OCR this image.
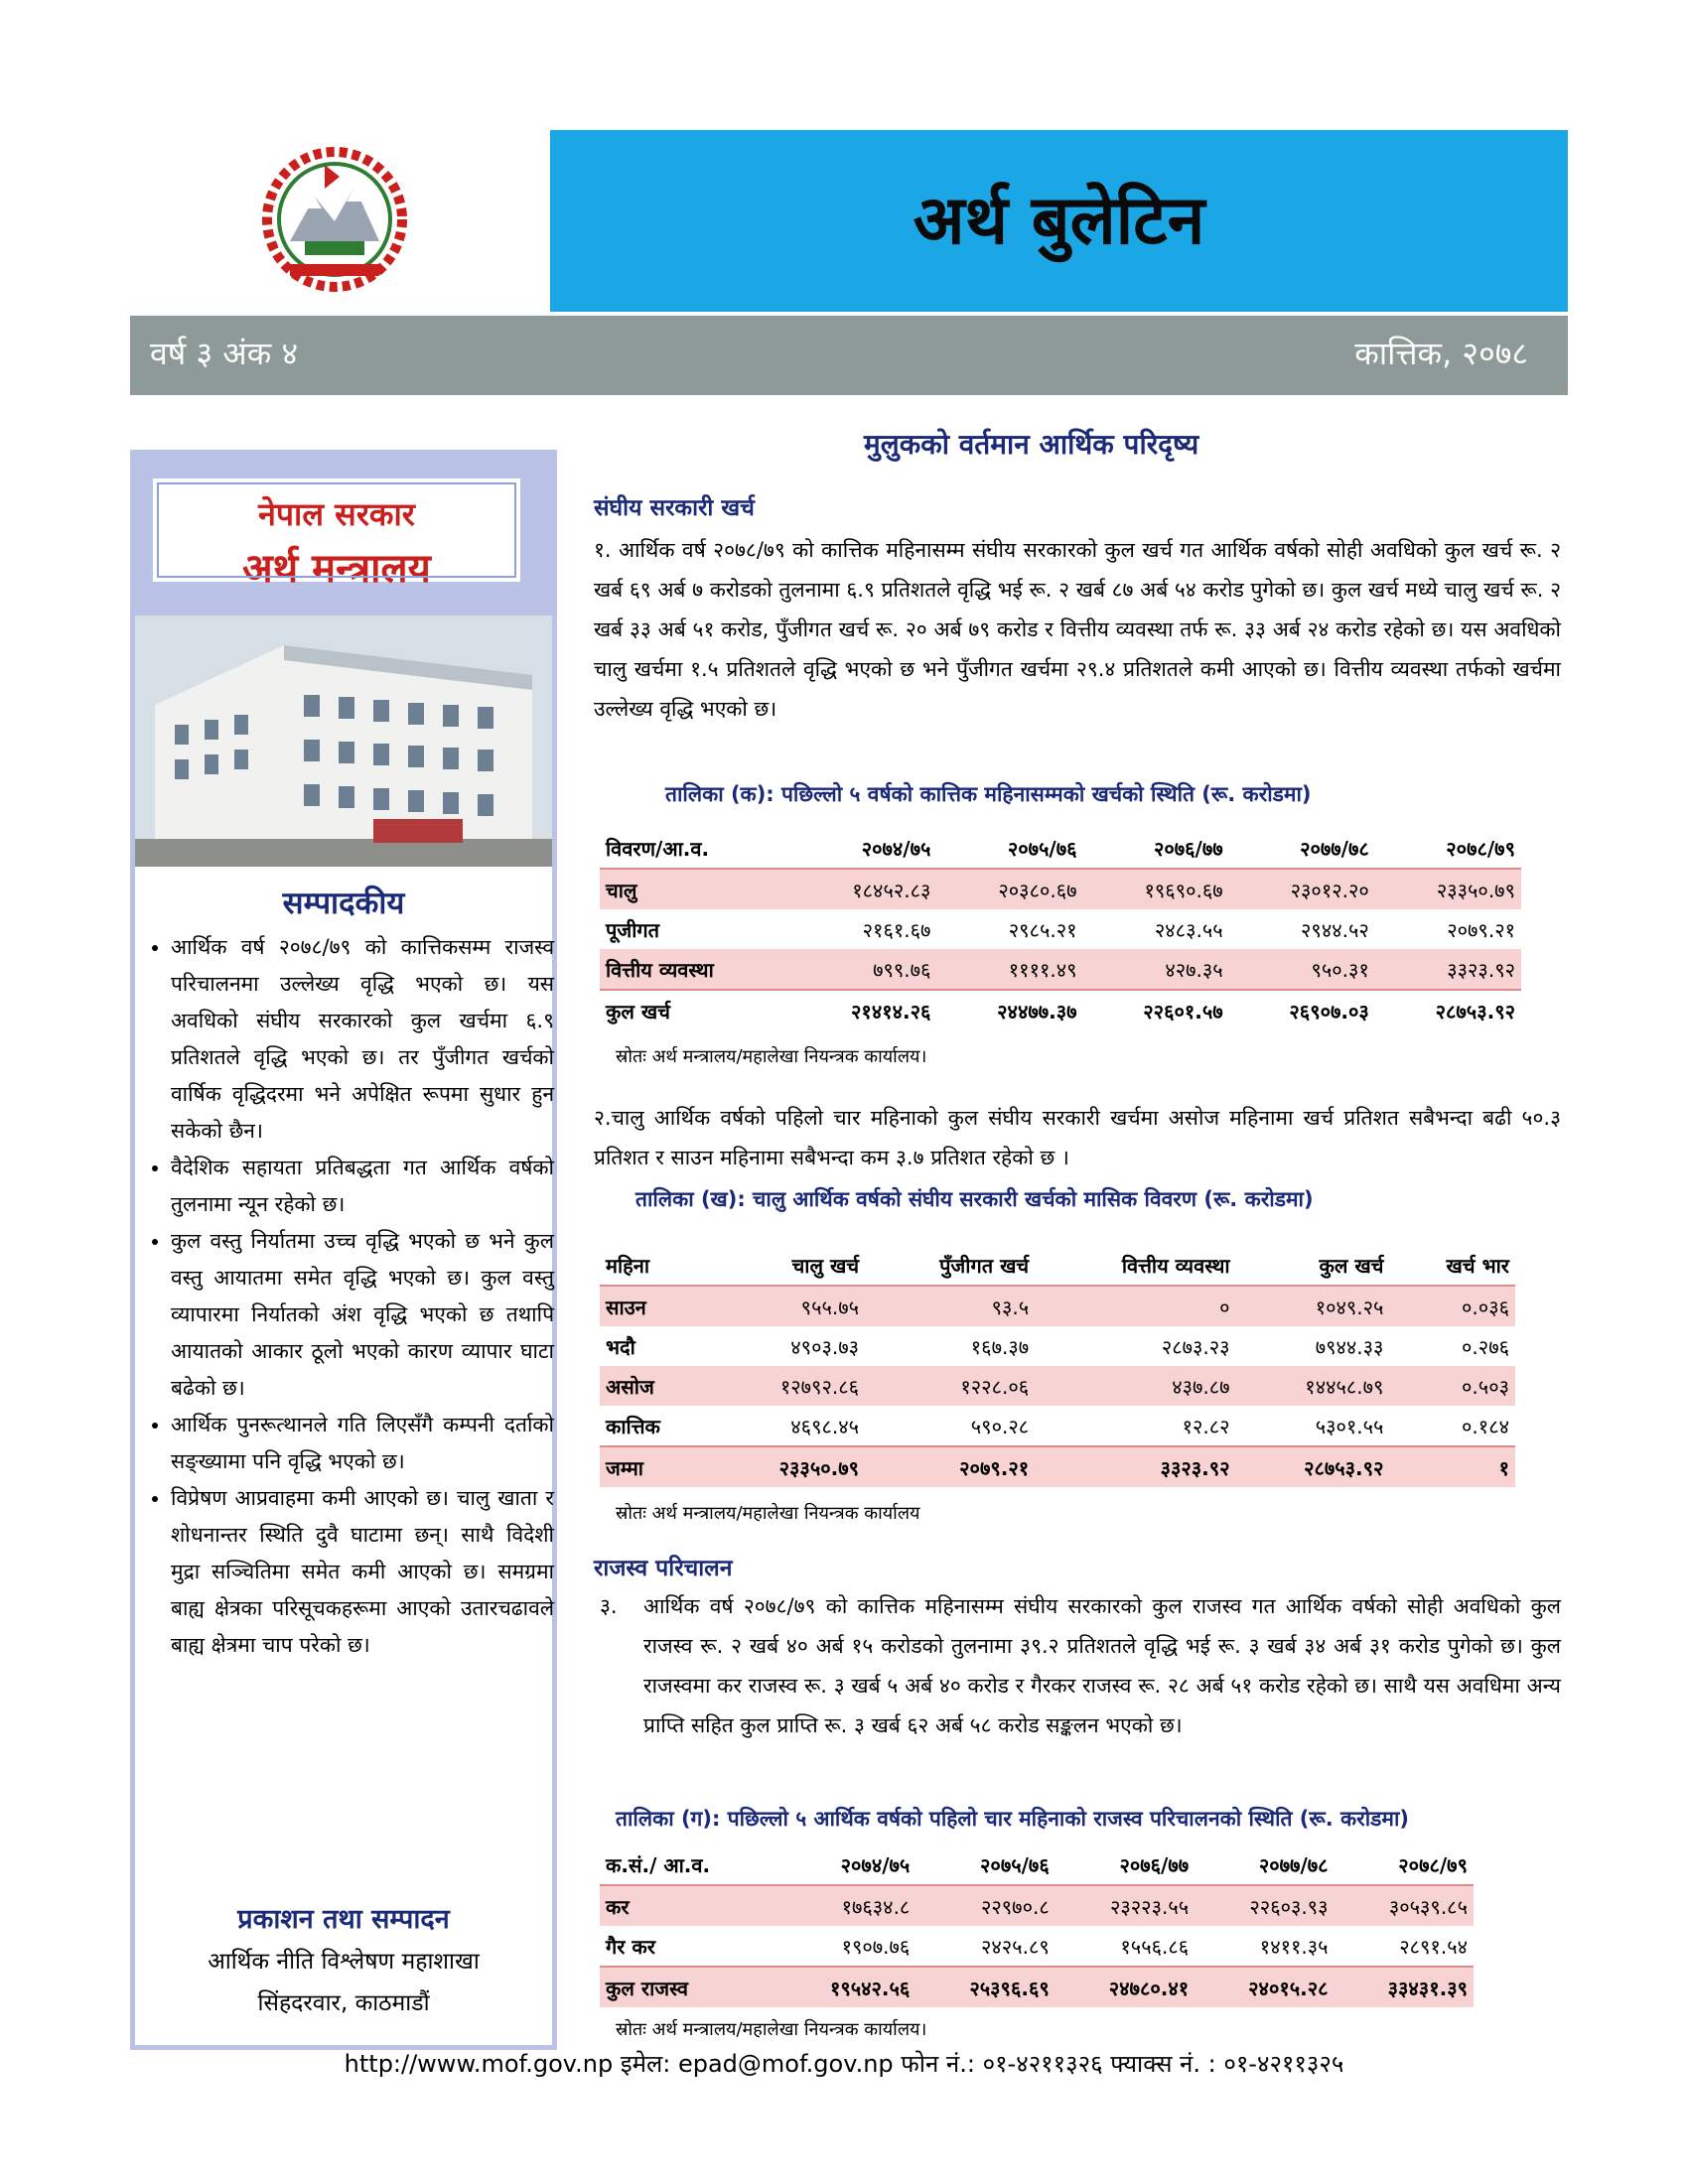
अर्थ बुलेटिन
वर्ष ३ अंक ४	कात्तिक, २०७८
नेपाल सरकार
अर्थ मन्त्रालय
सम्पादकीय
• आर्थिक वर्ष २०७८/७९ को कात्तिकसम्म राजस्व परिचालनमा उल्लेख्य वृद्धि भएको छ। यस अवधिको संघीय सरकारको कुल खर्चमा ६.९ प्रतिशतले वृद्धि भएको छ। तर पुँजीगत खर्चको वार्षिक वृद्धिदरमा भने अपेक्षित रूपमा सुधार हुन सकेको छैन।
• वैदेशिक सहायता प्रतिबद्धता गत आर्थिक वर्षको तुलनामा न्यून रहेको छ।
• कुल वस्तु निर्यातमा उच्च वृद्धि भएको छ भने कुल वस्तु आयातमा समेत वृद्धि भएको छ। कुल वस्तु व्यापारमा निर्यातको अंश वृद्धि भएको छ तथापि आयातको आकार ठूलो भएको कारण व्यापार घाटा बढेको छ।
• आर्थिक पुनरूत्थानले गति लिएसँगै कम्पनी दर्ताको सङ्ख्यामा पनि वृद्धि भएको छ।
• विप्रेषण आप्रवाहमा कमी आएको छ। चालु खाता र शोधनान्तर स्थिति दुवै घाटामा छन्। साथै विदेशी मुद्रा सञ्चितिमा समेत कमी आएको छ। समग्रमा बाह्य क्षेत्रका परिसूचकहरूमा आएको उतारचढावले बाह्य क्षेत्रमा चाप परेको छ।
प्रकाशन तथा सम्पादन
आर्थिक नीति विश्लेषण महाशाखा
सिंहदरवार, काठमाडौं
मुलुकको वर्तमान आर्थिक परिदृष्य
संघीय सरकारी खर्च
१. आर्थिक वर्ष २०७८/७९ को कात्तिक महिनासम्म संघीय सरकारको कुल खर्च गत आर्थिक वर्षको सोही अवधिको कुल खर्च रू. २ खर्ब ६९ अर्ब ७ करोडको तुलनामा ६.९ प्रतिशतले वृद्धि भई रू. २ खर्ब ८७ अर्ब ५४ करोड पुगेको छ। कुल खर्च मध्ये चालु खर्च रू. २ खर्ब ३३ अर्ब ५१ करोड, पुँजीगत खर्च रू. २० अर्ब ७९ करोड र वित्तीय व्यवस्था तर्फ रू. ३३ अर्ब २४ करोड रहेको छ। यस अवधिको चालु खर्चमा १.५ प्रतिशतले वृद्धि भएको छ भने पुँजीगत खर्चमा २९.४ प्रतिशतले कमी आएको छ। वित्तीय व्यवस्था तर्फको खर्चमा उल्लेख्य वृद्धि भएको छ।
तालिका (क): पछिल्लो ५ वर्षको कात्तिक महिनासम्मको खर्चको स्थिति (रू. करोडमा)
विवरण/आ.व.	२०७४/७५	२०७५/७६	२०७६/७७	२०७७/७८	२०७८/७९
चालु	१८४५२.८३	२०३८०.६७	१९६९०.६७	२३०१२.२०	२३३५०.७९
पूजीगत	२१६१.६७	२९८५.२१	२४८३.५५	२९४४.५२	२०७९.२१
वित्तीय व्यवस्था	७९९.७६	११११.४९	४२७.३५	९५०.३१	३३२३.९२
कुल खर्च	२१४१४.२६	२४४७७.३७	२२६०१.५७	२६९०७.०३	२८७५३.९२
स्रोतः अर्थ मन्त्रालय/महालेखा नियन्त्रक कार्यालय।
२.चालु आर्थिक वर्षको पहिलो चार महिनाको कुल संघीय सरकारी खर्चमा असोज महिनामा खर्च प्रतिशत सबैभन्दा बढी ५०.३ प्रतिशत र साउन महिनामा सबैभन्दा कम ३.७ प्रतिशत रहेको छ ।
तालिका (ख): चालु आर्थिक वर्षको संघीय सरकारी खर्चको मासिक विवरण (रू. करोडमा)
महिना	चालु खर्च	पुँजीगत खर्च	वित्तीय व्यवस्था	कुल खर्च	खर्च भार
साउन	९५५.७५	९३.५	०	१०४९.२५	०.०३६
भदौ	४९०३.७३	१६७.३७	२८७३.२३	७९४४.३३	०.२७६
असोज	१२७९२.८६	१२२८.०६	४३७.८७	१४४५८.७९	०.५०३
कात्तिक	४६९८.४५	५९०.२८	१२.८२	५३०१.५५	०.१८४
जम्मा	२३३५०.७९	२०७९.२१	३३२३.९२	२८७५३.९२	१
स्रोतः अर्थ मन्त्रालय/महालेखा नियन्त्रक कार्यालय
राजस्व परिचालन
३. आर्थिक वर्ष २०७८/७९ को कात्तिक महिनासम्म संघीय सरकारको कुल राजस्व गत आर्थिक वर्षको सोही अवधिको कुल राजस्व रू. २ खर्ब ४० अर्ब १५ करोडको तुलनामा ३९.२ प्रतिशतले वृद्धि भई रू. ३ खर्ब ३४ अर्ब ३१ करोड पुगेको छ। कुल राजस्वमा कर राजस्व रू. ३ खर्ब ५ अर्ब ४० करोड र गैरकर राजस्व रू. २८ अर्ब ५१ करोड रहेको छ। साथै यस अवधिमा अन्य प्राप्ति सहित कुल प्राप्ति रू. ३ खर्ब ६२ अर्ब ५८ करोड सङ्कलन भएको छ।
तालिका (ग): पछिल्लो ५ आर्थिक वर्षको पहिलो चार महिनाको राजस्व परिचालनको स्थिति (रू. करोडमा)
क.सं./ आ.व.	२०७४/७५	२०७५/७६	२०७६/७७	२०७७/७८	२०७८/७९
कर	१७६३४.८	२२९७०.८	२३२२३.५५	२२६०३.९३	३०५३९.८५
गैर कर	१९०७.७६	२४२५.८९	१५५६.८६	१४११.३५	२८९१.५४
कुल राजस्व	१९५४२.५६	२५३९६.६९	२४७८०.४१	२४०१५.२८	३३४३१.३९
स्रोतः अर्थ मन्त्रालय/महालेखा नियन्त्रक कार्यालय।
http://www.mof.gov.np इमेल: epad@mof.gov.np फोन नं.: ०१-४२११३२६ फ्याक्स नं. : ०१-४२११३२५
